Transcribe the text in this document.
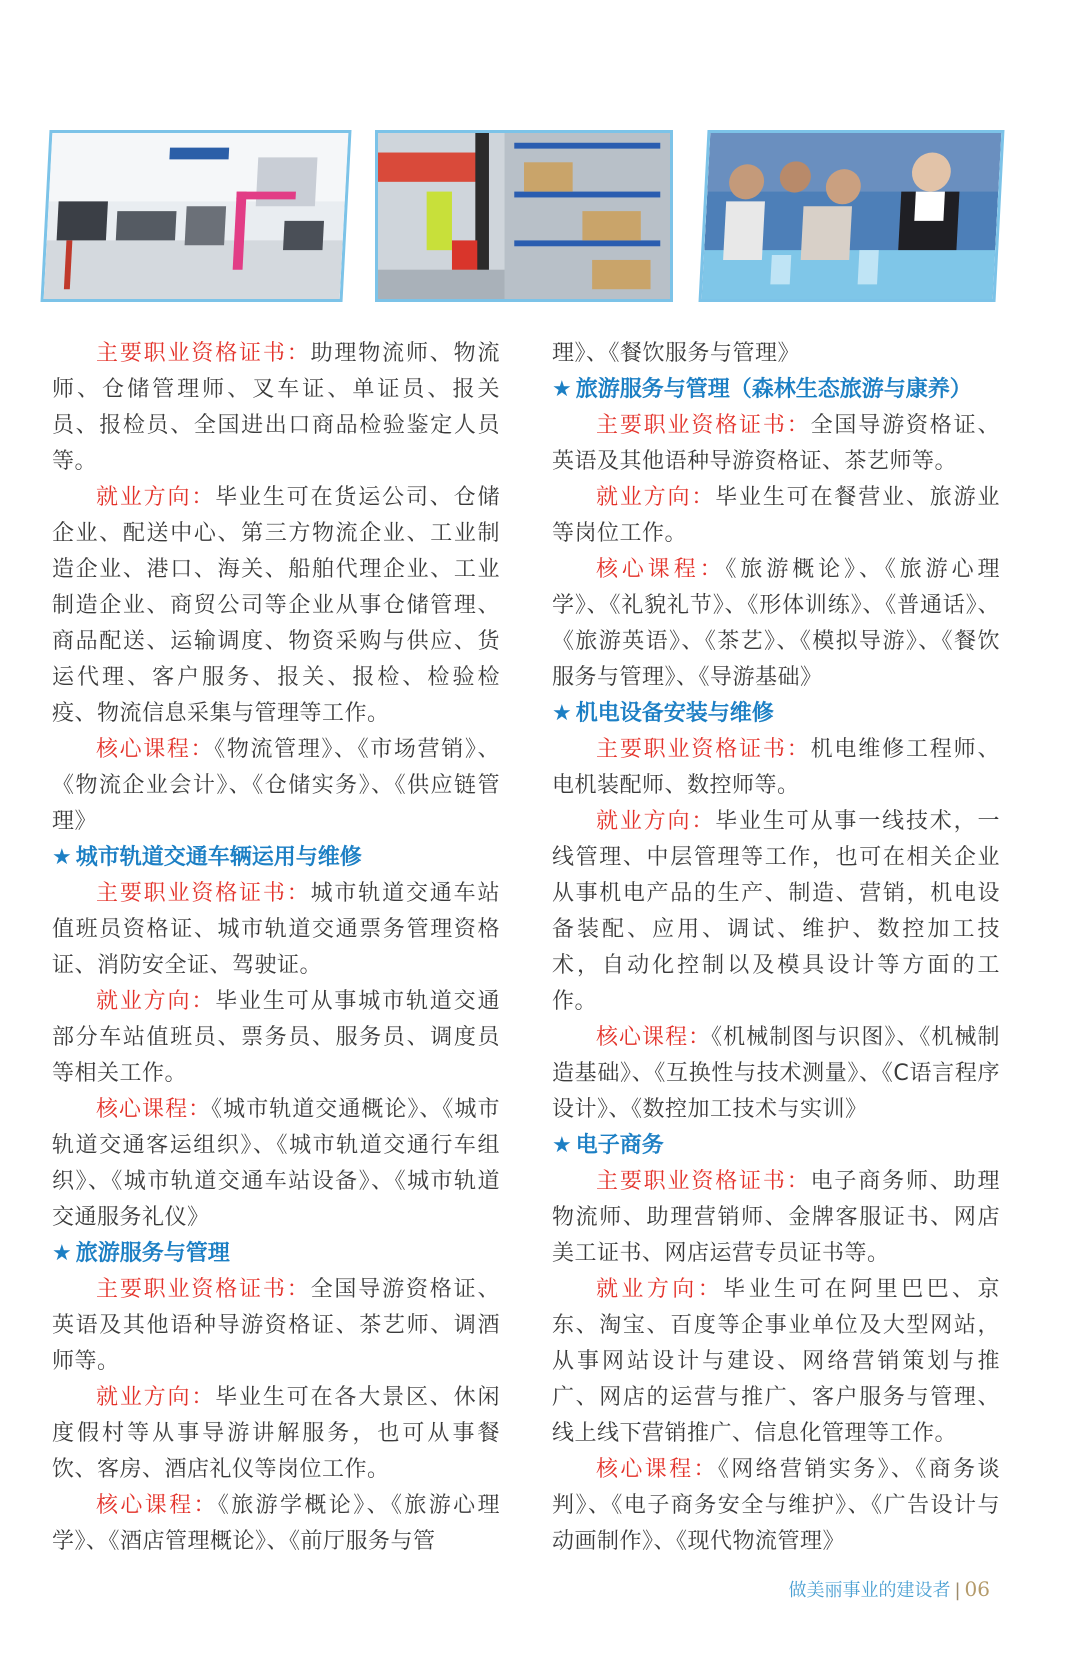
主要职业资格证书：助理物流师、物流师、仓储管理师、叉车证、单证员、报关员、报检员、全国进出口商品检验鉴定人员等。

就业方向：毕业生可在货运公司、仓储企业、配送中心、第三方物流企业、工业制造企业、港口、海关、船舶代理企业、工业制造企业、商贸公司等企业从事仓储管理、商品配送、运输调度、物资采购与供应、货运代理、客户服务、报关、报检、检验检疫、物流信息采集与管理等工作。

核心课程：《物流管理》、《市场营销》、《物流企业会计》、《仓储实务》、《供应链管理》

★ 城市轨道交通车辆运用与维修

主要职业资格证书：城市轨道交通车站值班员资格证、城市轨道交通票务管理资格证、消防安全证、驾驶证。

就业方向：毕业生可从事城市轨道交通部分车站值班员、票务员、服务员、调度员等相关工作。

核心课程：《城市轨道交通概论》、《城市轨道交通客运组织》、《城市轨道交通行车组织》、《城市轨道交通车站设备》、《城市轨道交通服务礼仪》

★ 旅游服务与管理

主要职业资格证书：全国导游资格证、英语及其他语种导游资格证、茶艺师、调酒师等。

就业方向：毕业生可在各大景区、休闲度假村等从事导游讲解服务，也可从事餐饮、客房、酒店礼仪等岗位工作。

核心课程：《旅游学概论》、《旅游心理学》、《酒店管理概论》、《前厅服务与管

理》、《餐饮服务与管理》

★ 旅游服务与管理（森林生态旅游与康养）

主要职业资格证书：全国导游资格证、英语及其他语种导游资格证、茶艺师等。

就业方向：毕业生可在餐营业、旅游业等岗位工作。

核心课程：《旅游概论》、《旅游心理学》、《礼貌礼节》、《形体训练》、《普通话》、《旅游英语》、《茶艺》、《模拟导游》、《餐饮服务与管理》、《导游基础》

★ 机电设备安装与维修

主要职业资格证书：机电维修工程师、电机装配师、数控师等。

就业方向：毕业生可从事一线技术，一线管理、中层管理等工作，也可在相关企业从事机电产品的生产、制造、营销，机电设备装配、应用、调试、维护、数控加工技术，自动化控制以及模具设计等方面的工作。

核心课程：《机械制图与识图》、《机械制造基础》、《互换性与技术测量》、《C语言程序设计》、《数控加工技术与实训》

★ 电子商务

主要职业资格证书：电子商务师、助理物流师、助理营销师、金牌客服证书、网店美工证书、网店运营专员证书等。

就业方向：毕业生可在阿里巴巴、京东、淘宝、百度等企事业单位及大型网站，从事网站设计与建设、网络营销策划与推广、网店的运营与推广、客户服务与管理、线上线下营销推广、信息化管理等工作。

核心课程：《网络营销实务》、《商务谈判》、《电子商务安全与维护》、《广告设计与动画制作》、《现代物流管理》

做美丽事业的建设者 | 06
